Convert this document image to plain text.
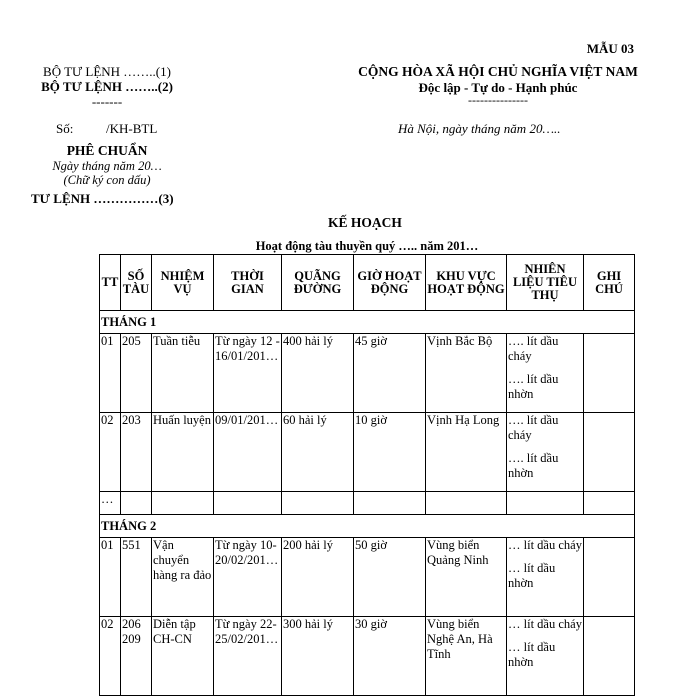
MẪU 03
BỘ TƯ LỆNH ……..(1)
BỘ TƯ LỆNH ……..(2)
-------
CỘNG HÒA XÃ HỘI CHỦ NGHĨA VIỆT NAM
Độc lập - Tự do - Hạnh phúc
---------------
Số:	/KH-BTL	Hà Nội, ngày tháng năm 20…..
PHÊ CHUẨN
Ngày tháng năm 20…
(Chữ ký con dấu)
TƯ LỆNH ……………(3)
KẾ HOẠCH
Hoạt động tàu thuyền quý ….. năm 201…
TT	SỐ TÀU	NHIỆM VỤ	THỜI GIAN	QUÃNG ĐƯỜNG	GIỜ HOẠT ĐỘNG	KHU VỰC HOẠT ĐỘNG	NHIÊN LIỆU TIÊU THỤ	GHI CHÚ
THÁNG 1								
01	205	Tuần tiễu	Từ ngày 12 - 16/01/201…	400 hải lý	45 giờ	Vịnh Bắc Bộ	…. lít dầu cháy
…. lít dầu nhờn	

02	203	Huấn luyện	09/01/201…	60 hải lý	10 giờ	Vịnh Hạ Long	…. lít dầu cháy
…. lít dầu nhờn	

…								
THÁNG 2								
01	551	Vận chuyển hàng ra đảo	Từ ngày 10- 20/02/201…	200 hải lý	50 giờ	Vùng biển Quảng Ninh	… lít dầu cháy
… lít dầu nhờn	

02	206 209	Diễn tập CH-CN	Từ ngày 22- 25/02/201…	300 hải lý	30 giờ	Vùng biển Nghệ An, Hà Tĩnh	… lít dầu cháy
… lít dầu nhờn	
